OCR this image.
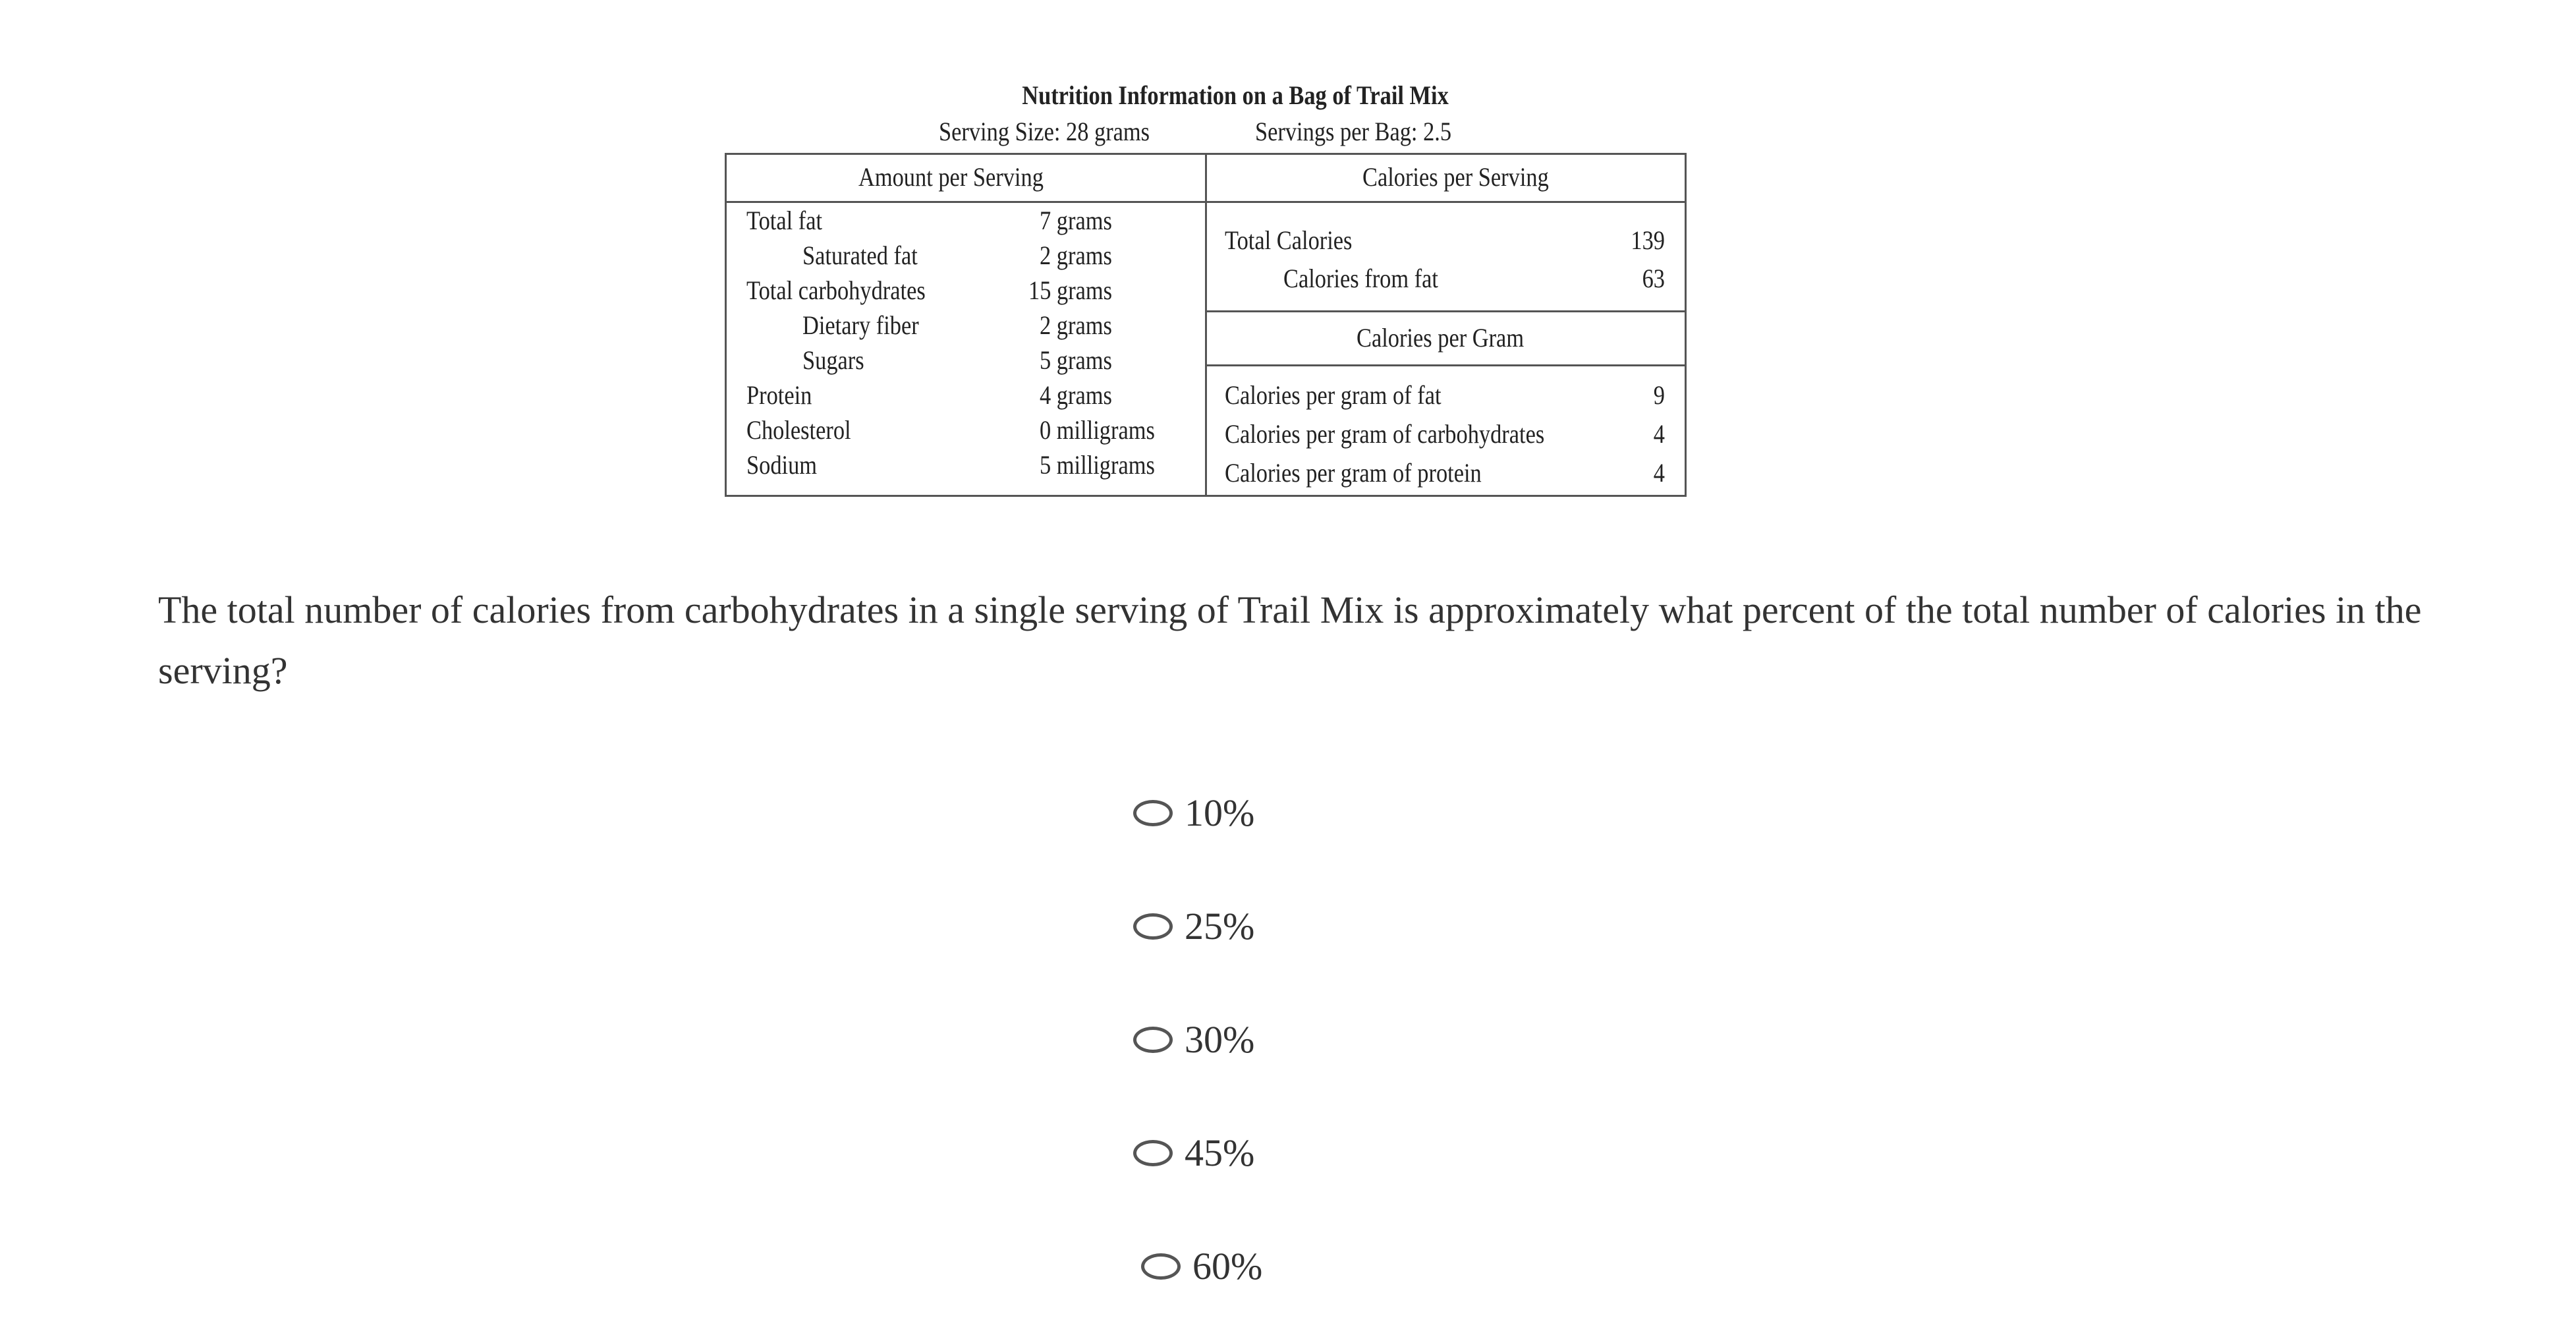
Nutrition Information on a Bag of Trail Mix
Serving Size: 28 grams	Servings per Bag: 2.5
Amount per Serving	Calories per Serving
Calories per Gram
Total fat	7 grams
Saturated fat	2 grams
Total carbohydrates	15 grams
Dietary fiber	2 grams
Sugars	5 grams
Protein	4 grams
Cholesterol	0 milligrams
Sodium	5 milligrams
Total Calories	139
Calories from fat	63
Calories per gram of fat	9
Calories per gram of carbohydrates	4
Calories per gram of protein	4
The total number of calories from carbohydrates in a single serving of Trail Mix is approximately what percent of the total number of calories in the serving?
10%
25%
30%
45%
60%
